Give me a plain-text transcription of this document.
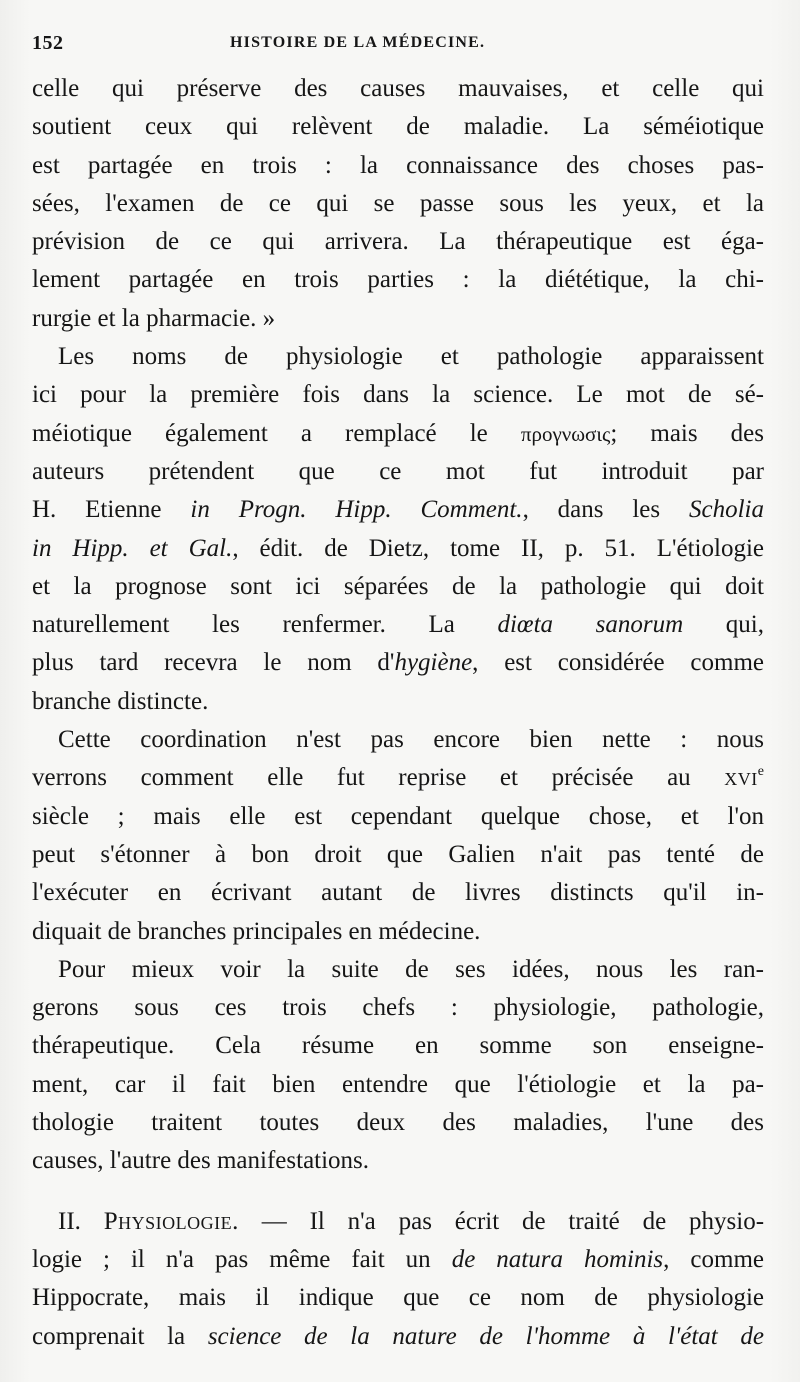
152	HISTOIRE DE LA MÉDECINE.
celle qui préserve des causes mauvaises, et celle qui
soutient ceux qui relèvent de maladie. La séméiotique
est partagée en trois : la connaissance des choses pas-
sées, l'examen de ce qui se passe sous les yeux, et la
prévision de ce qui arrivera. La thérapeutique est éga-
lement partagée en trois parties : la diététique, la chi-
rurgie et la pharmacie. »
Les noms de physiologie et pathologie apparaissent
ici pour la première fois dans la science. Le mot de sé-
méiotique également a remplacé le προγνωσις; mais des
auteurs prétendent que ce mot fut introduit par
H. Etienne in Progn. Hipp. Comment., dans les Scholia
in Hipp. et Gal., édit. de Dietz, tome II, p. 51. L'étiologie
et la prognose sont ici séparées de la pathologie qui doit
naturellement les renfermer. La diœta sanorum qui,
plus tard recevra le nom d'hygiène, est considérée comme
branche distincte.
Cette coordination n'est pas encore bien nette : nous
verrons comment elle fut reprise et précisée au xvi$^e$
siècle ; mais elle est cependant quelque chose, et l'on
peut s'étonner à bon droit que Galien n'ait pas tenté de
l'exécuter en écrivant autant de livres distincts qu'il in-
diquait de branches principales en médecine.
Pour mieux voir la suite de ses idées, nous les ran-
gerons sous ces trois chefs : physiologie, pathologie,
thérapeutique. Cela résume en somme son enseigne-
ment, car il fait bien entendre que l'étiologie et la pa-
thologie traitent toutes deux des maladies, l'une des
causes, l'autre des manifestations.
II. Physiologie. — Il n'a pas écrit de traité de physio-
logie ; il n'a pas même fait un de natura hominis, comme
Hippocrate, mais il indique que ce nom de physiologie
comprenait la science de la nature de l'homme à l'état de
